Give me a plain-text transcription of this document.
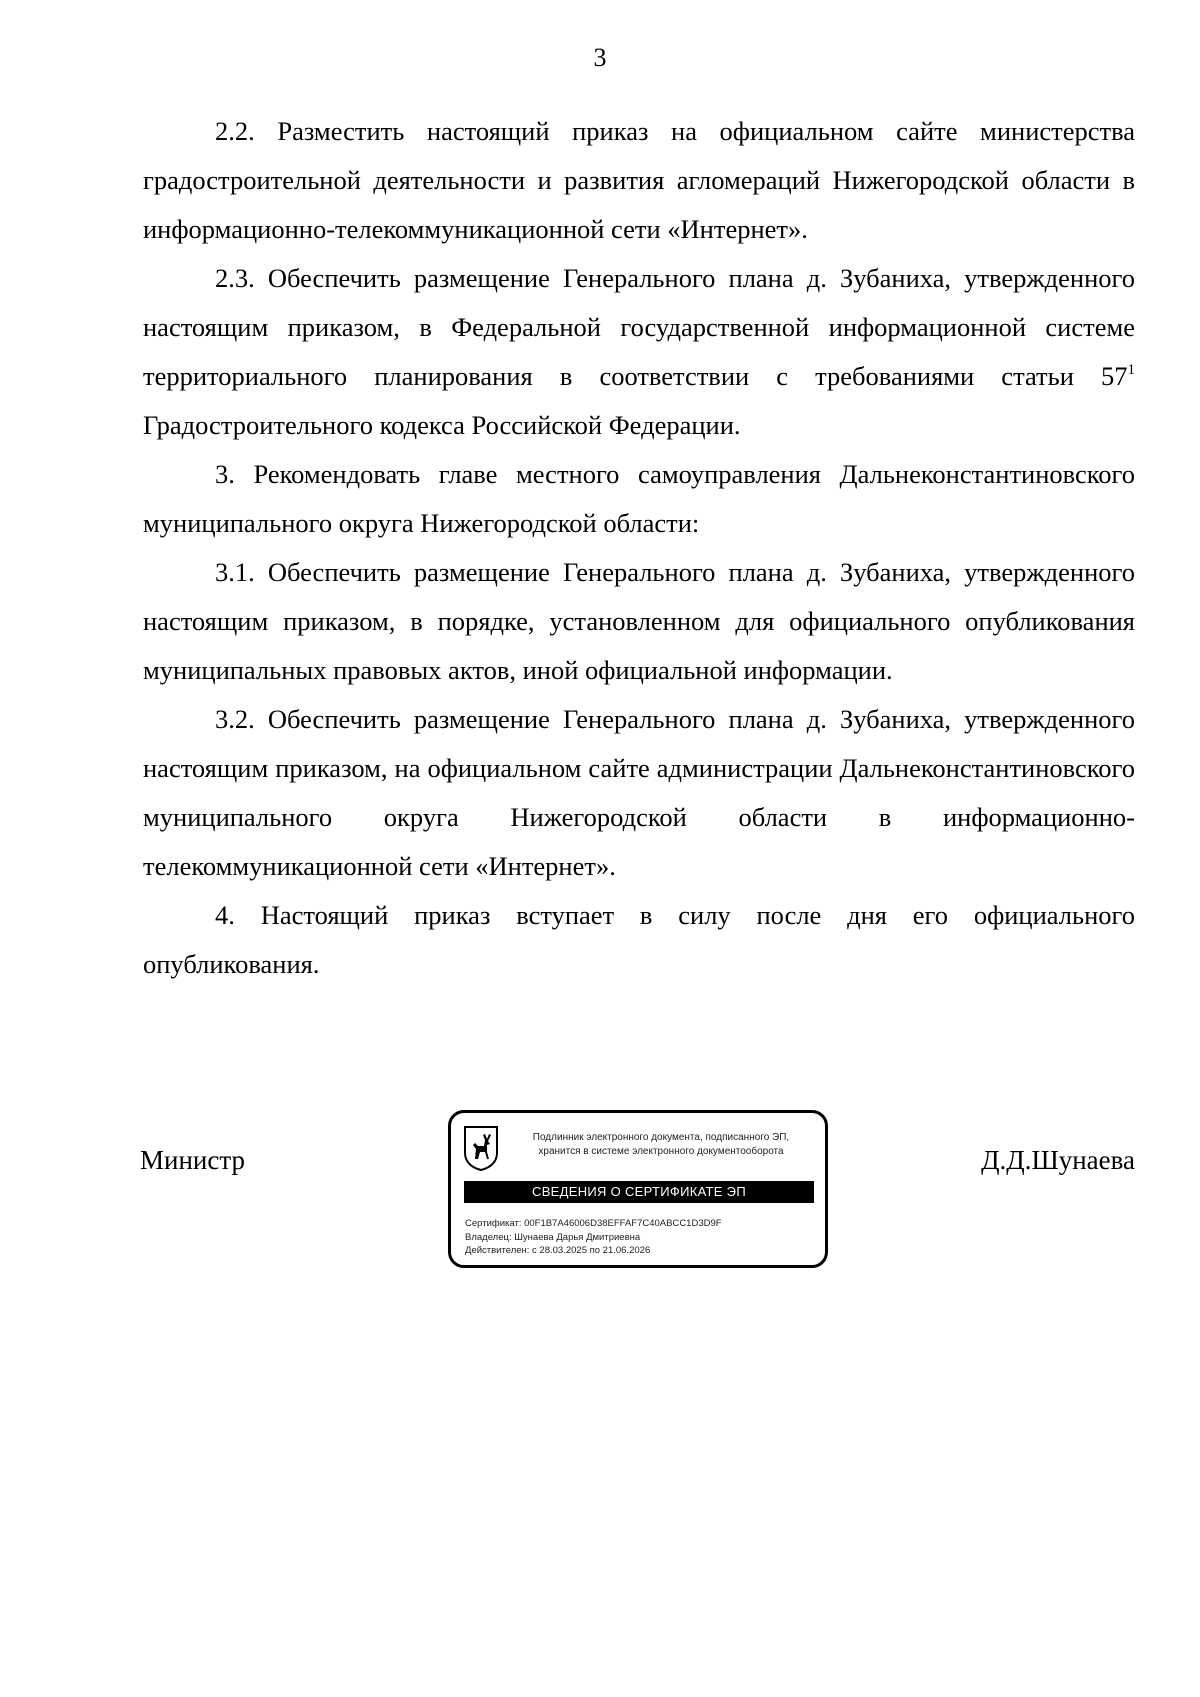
3

2.2. Разместить настоящий приказ на официальном сайте министерства градостроительной деятельности и развития агломераций Нижегородской области в информационно-телекоммуникационной сети «Интернет».

2.3. Обеспечить размещение Генерального плана д. Зубаниха, утвержденного настоящим приказом, в Федеральной государственной информационной системе территориального планирования в соответствии с требованиями статьи $57^1$ Градостроительного кодекса Российской Федерации.

3. Рекомендовать главе местного самоуправления Дальнеконстантиновского муниципального округа Нижегородской области:

3.1. Обеспечить размещение Генерального плана д. Зубаниха, утвержденного настоящим приказом, в порядке, установленном для официального опубликования муниципальных правовых актов, иной официальной информации.

3.2. Обеспечить размещение Генерального плана д. Зубаниха, утвержденного настоящим приказом, на официальном сайте администрации Дальнеконстантиновского муниципального округа Нижегородской области в информационно-телекоммуникационной сети «Интернет».

4. Настоящий приказ вступает в силу после дня его официального опубликования.

Министр
Подлинник электронного документа, подписанного ЭП,
хранится в системе электронного документооборота
СВЕДЕНИЯ О СЕРТИФИКАТЕ ЭП
Сертификат: 00F1B7A46006D38EFFAF7C40ABCC1D3D9F
Владелец: Шунаева Дарья Дмитриевна
Действителен: с 28.03.2025 по 21.06.2026
Д.Д.Шунаева
